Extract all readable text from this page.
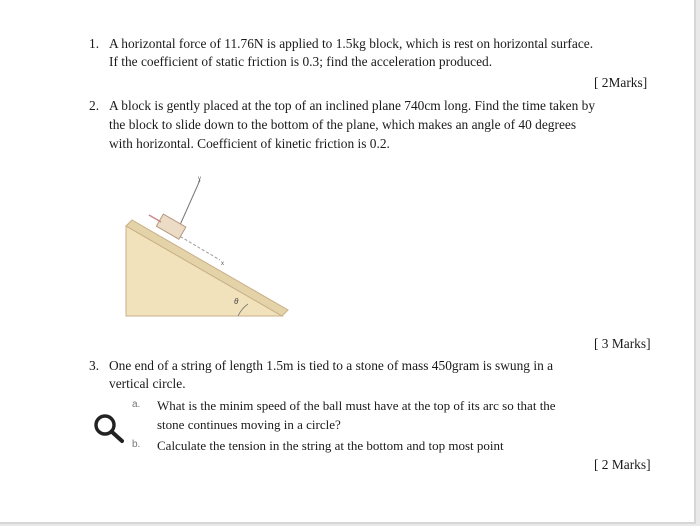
1. A horizontal force of 11.76N is applied to 1.5kg block, which is rest on horizontal surface.
If the coefficient of static friction is 0.3; find the acceleration produced.
[ 2Marks]
2. A block is gently placed at the top of an inclined plane 740cm long. Find the time taken by
the block to slide down to the bottom of the plane, which makes an angle of 40 degrees
with horizontal. Coefficient of kinetic friction is 0.2.
y
x
θ
[ 3 Marks]
3. One end of a string of length 1.5m is tied to a stone of mass 450gram is swung in a
vertical circle.
a. What is the minim speed of the ball must have at the top of its arc so that the
stone continues moving in a circle?
b. Calculate the tension in the string at the bottom and top most point
[ 2 Marks]
